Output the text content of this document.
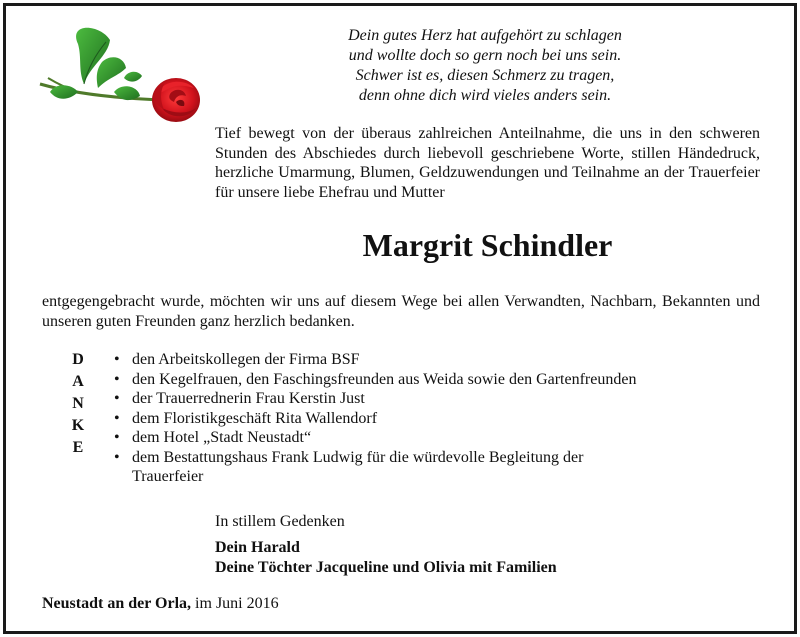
Dein gutes Herz hat aufgehört zu schlagen
und wollte doch so gern noch bei uns sein.
Schwer ist es, diesen Schmerz zu tragen,
denn ohne dich wird vieles anders sein.
Tief bewegt von der überaus zahlreichen Anteilnahme, die uns in den schweren Stunden des Abschiedes durch liebevoll geschriebene Worte, stillen Händedruck, herzliche Umarmung, Blumen, Geldzuwendungen und Teilnahme an der Trauerfeier für unsere liebe Ehefrau und Mutter
Margrit Schindler
entgegengebracht wurde, möchten wir uns auf diesem Wege bei allen Verwandten, Nachbarn, Bekannten und unseren guten Freunden ganz herzlich bedanken.
D
A
N
K
E
• den Arbeitskollegen der Firma BSF
• den Kegelfrauen, den Faschingsfreunden aus Weida sowie den Gartenfreunden
• der Trauerrednerin Frau Kerstin Just
• dem Floristikgeschäft Rita Wallendorf
• dem Hotel „Stadt Neustadt“
• dem Bestattungshaus Frank Ludwig für die würdevolle Begleitung der Trauerfeier
In stillem Gedenken
Dein Harald
Deine Töchter Jacqueline und Olivia mit Familien
Neustadt an der Orla, im Juni 2016
